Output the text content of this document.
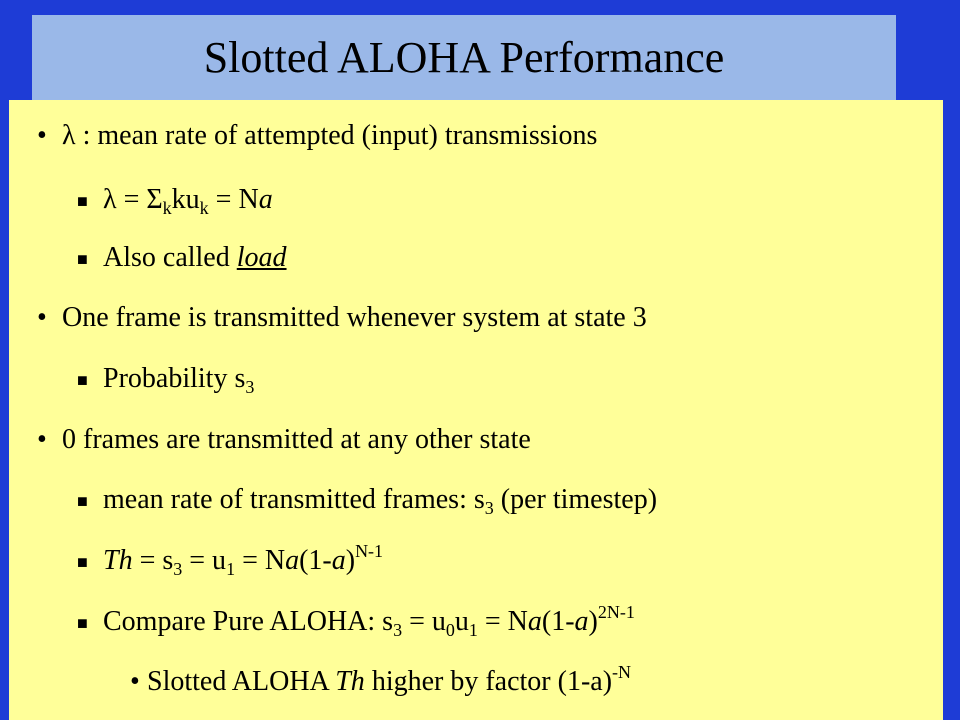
Slotted ALOHA Performance
• λ : mean rate of attempted (input) transmissions
■ $\lambda = \Sigma_kku_k = Na$
■ Also called load
• One frame is transmitted whenever system at state 3
■ Probability $s_3$
• 0 frames are transmitted at any other state
■ mean rate of transmitted frames: $s_3$ (per timestep)
■ $Th = s_3 = u_1 = Na(1-a)^{N-1}$
■ Compare Pure ALOHA: $s_3 = u_0u_1 = Na(1-a)^{2N-1}$
• Slotted ALOHA Th higher by factor $(1-a)^{-N}$
